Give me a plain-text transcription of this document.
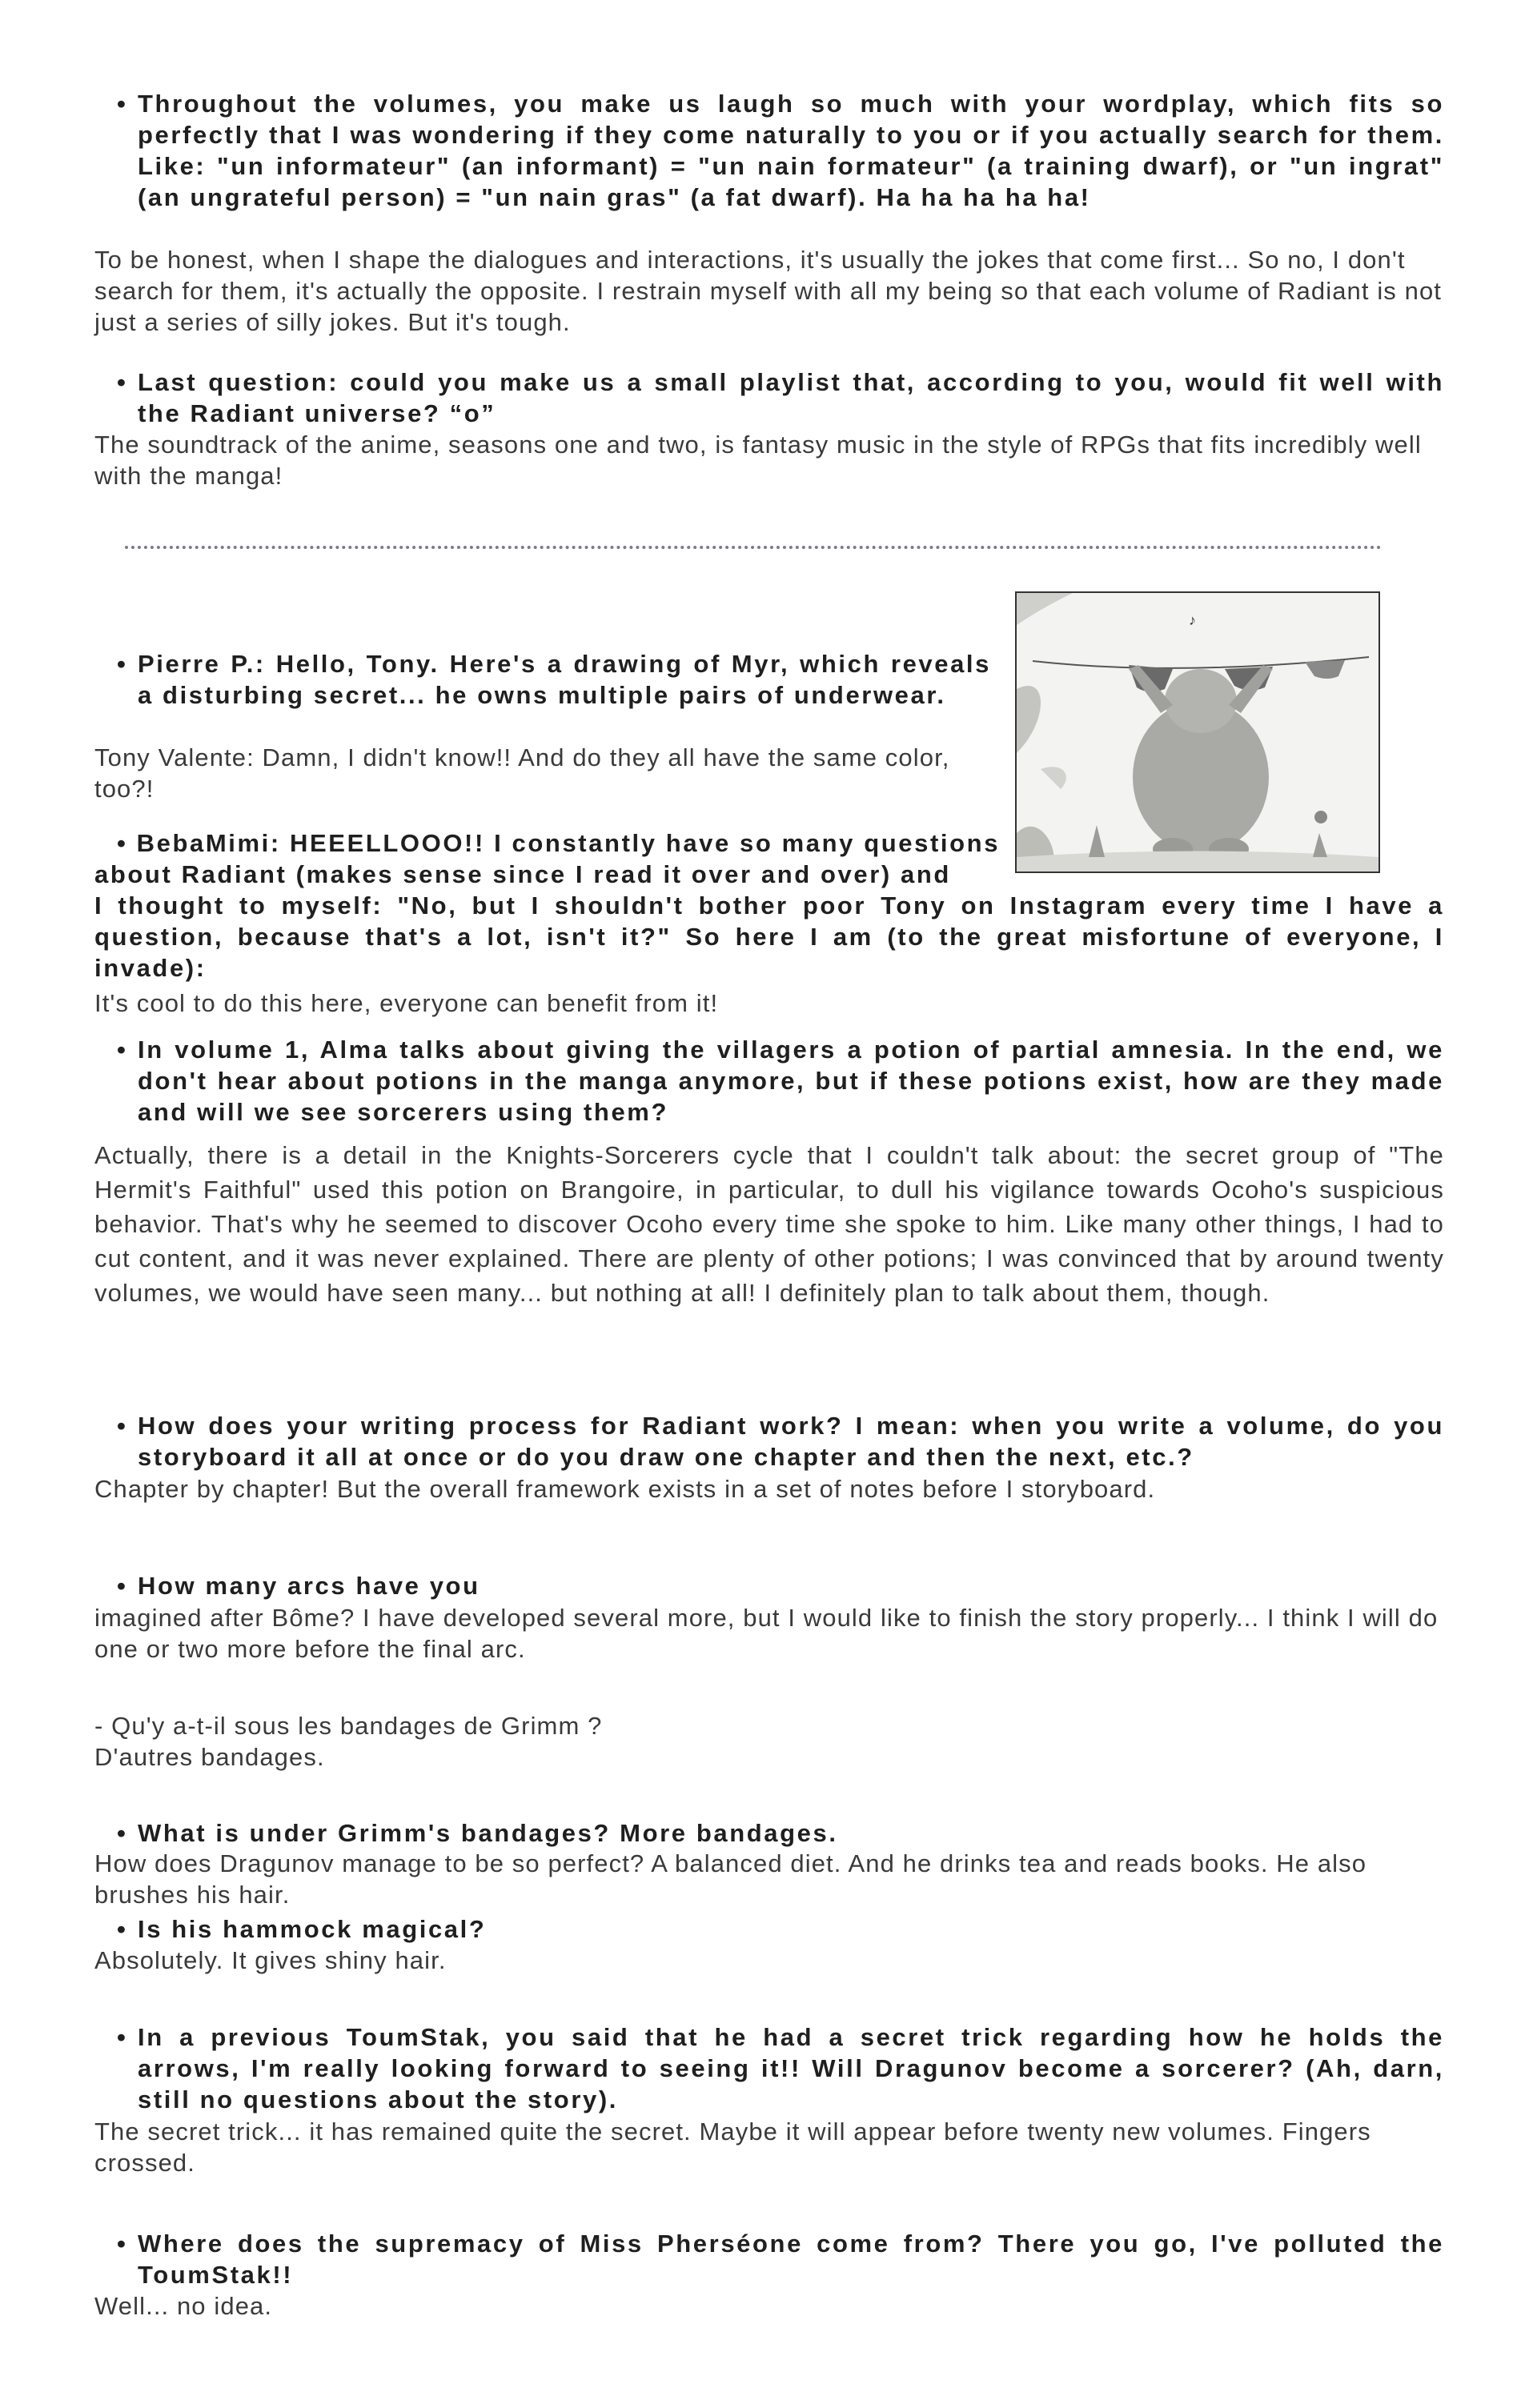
• Throughout the volumes, you make us laugh so much with your wordplay, which fits so perfectly that I was wondering if they come naturally to you or if you actually search for them. Like: "un informateur" (an informant) = "un nain formateur" (a training dwarf), or "un ingrat" (an ungrateful person) = "un nain gras" (a fat dwarf). Ha ha ha ha ha!

To be honest, when I shape the dialogues and interactions, it's usually the jokes that come first... So no, I don't search for them, it's actually the opposite. I restrain myself with all my being so that each volume of Radiant is not just a series of silly jokes. But it's tough.

• Last question: could you make us a small playlist that, according to you, would fit well with the Radiant universe? “o”

The soundtrack of the anime, seasons one and two, is fantasy music in the style of RPGs that fits incredibly well with the manga!

♪
• Pierre P.: Hello, Tony. Here's a drawing of Myr, which reveals a disturbing secret... he owns multiple pairs of underwear.

Tony Valente: Damn, I didn't know!! And do they all have the same color, too?!

• BebaMimi: HEEELLOOO!! I constantly have so many questions
about Radiant (makes sense since I read it over and over) and
I thought to myself: "No, but I shouldn't bother poor Tony on Instagram every time I have a question, because that's a lot, isn't it?" So here I am (to the great misfortune of everyone, I invade):

It's cool to do this here, everyone can benefit from it!

• In volume 1, Alma talks about giving the villagers a potion of partial amnesia. In the end, we don't hear about potions in the manga anymore, but if these potions exist, how are they made and will we see sorcerers using them?

Actually, there is a detail in the Knights-Sorcerers cycle that I couldn't talk about: the secret group of "The Hermit's Faithful" used this potion on Brangoire, in particular, to dull his vigilance towards Ocoho's suspicious behavior. That's why he seemed to discover Ocoho every time she spoke to him. Like many other things, I had to cut content, and it was never explained. There are plenty of other potions; I was convinced that by around twenty volumes, we would have seen many... but nothing at all! I definitely plan to talk about them, though.

• How does your writing process for Radiant work? I mean: when you write a volume, do you storyboard it all at once or do you draw one chapter and then the next, etc.?

Chapter by chapter! But the overall framework exists in a set of notes before I storyboard.

• How many arcs have you

imagined after Bôme? I have developed several more, but I would like to finish the story properly... I think I will do one or two more before the final arc.

- Qu'y a-t-il sous les bandages de Grimm ?

D'autres bandages.

• What is under Grimm's bandages? More bandages.

How does Dragunov manage to be so perfect? A balanced diet. And he drinks tea and reads books. He also brushes his hair.

• Is his hammock magical?

Absolutely. It gives shiny hair.

• In a previous ToumStak, you said that he had a secret trick regarding how he holds the arrows, I'm really looking forward to seeing it!! Will Dragunov become a sorcerer? (Ah, darn, still no questions about the story).

The secret trick... it has remained quite the secret. Maybe it will appear before twenty new volumes. Fingers crossed.

• Where does the supremacy of Miss Pherséone come from? There you go, I've polluted the ToumStak!!

Well... no idea.
